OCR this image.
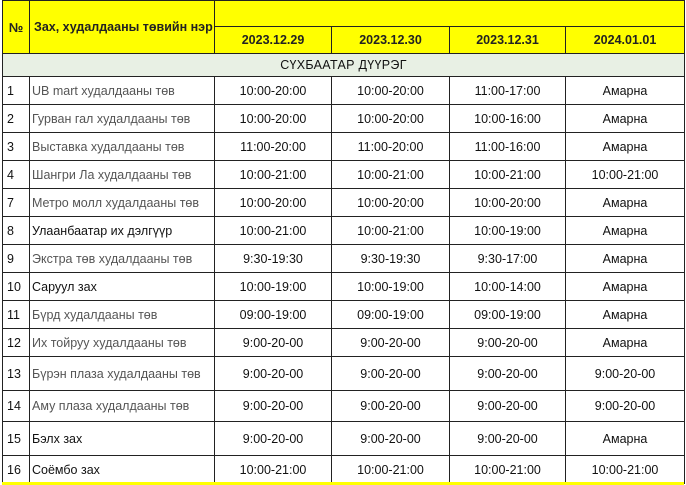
№	Зах, худалдааны төвийн нэр				
		2023.12.29	2023.12.30	2023.12.31	2024.01.01
СҮХБААТАР ДҮҮРЭГ					
1	UB mart худалдааны төв	10:00-20:00	10:00-20:00	11:00-17:00	Амарна
2	Гурван гал худалдааны төв	10:00-20:00	10:00-20:00	10:00-16:00	Амарна
3	Выставка худалдааны төв	11:00-20:00	11:00-20:00	11:00-16:00	Амарна
4	Шангри Ла худалдааны төв	10:00-21:00	10:00-21:00	10:00-21:00	10:00-21:00
7	Метро молл худалдааны төв	10:00-20:00	10:00-20:00	10:00-20:00	Амарна
8	Улаанбаатар их дэлгүүр	10:00-21:00	10:00-21:00	10:00-19:00	Амарна
9	Экстра төв худалдааны төв	9:30-19:30	9:30-19:30	9:30-17:00	Амарна
10	Саруул зах	10:00-19:00	10:00-19:00	10:00-14:00	Амарна
11	Бүрд худалдааны төв	09:00-19:00	09:00-19:00	09:00-19:00	Амарна
12	Их тойруу худалдааны төв	9:00-20-00	9:00-20-00	9:00-20-00	Амарна
13	Бүрэн плаза худалдааны төв	9:00-20-00	9:00-20-00	9:00-20-00	9:00-20-00
14	Аму плаза худалдааны төв	9:00-20-00	9:00-20-00	9:00-20-00	9:00-20-00
15	Бэлх зах	9:00-20-00	9:00-20-00	9:00-20-00	Амарна
16	Соёмбо зах	10:00-21:00	10:00-21:00	10:00-21:00	10:00-21:00
